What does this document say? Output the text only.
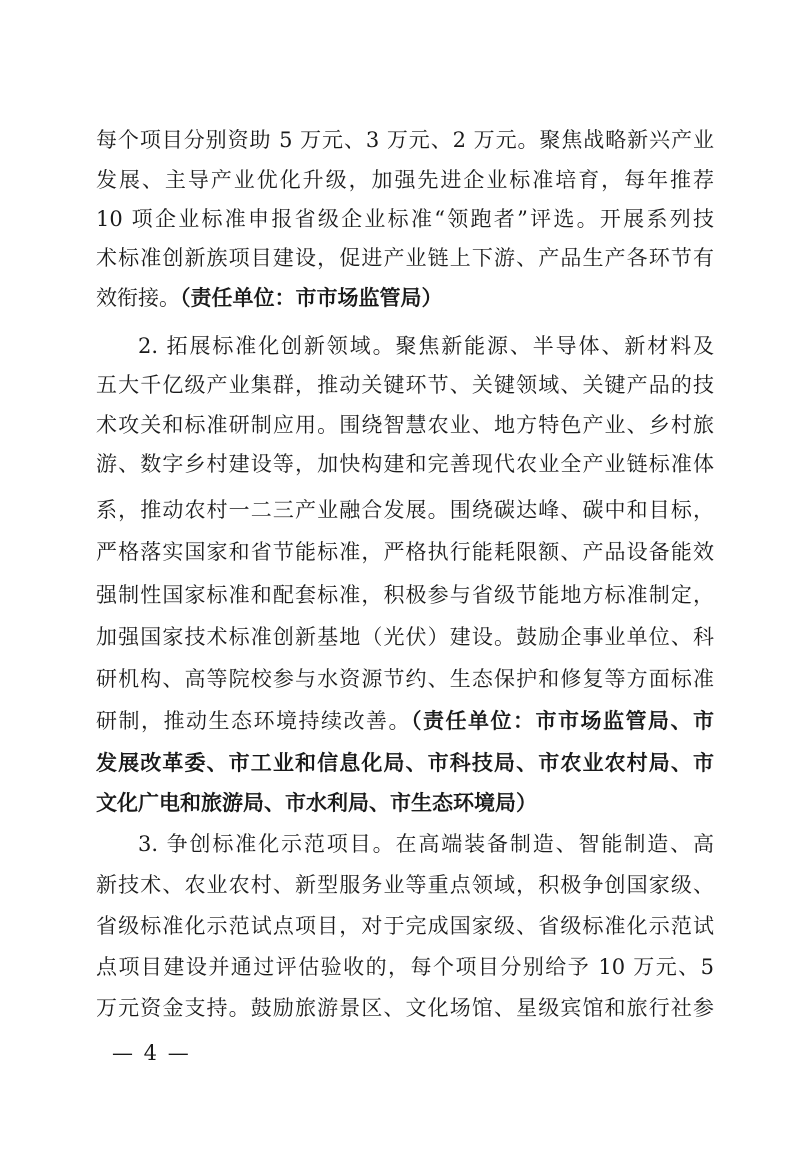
每个项目分别资助 5 万元、3 万元、2 万元。聚焦战略新兴产业
发展、主导产业优化升级，加强先进企业标准培育，每年推荐
10 项企业标准申报省级企业标准“领跑者”评选。开展系列技
术标准创新族项目建设，促进产业链上下游、产品生产各环节有
效衔接。（责任单位：市市场监管局）
2. 拓展标准化创新领域。聚焦新能源、半导体、新材料及
五大千亿级产业集群，推动关键环节、关键领域、关键产品的技
术攻关和标准研制应用。围绕智慧农业、地方特色产业、乡村旅
游、数字乡村建设等，加快构建和完善现代农业全产业链标准体
系，推动农村一二三产业融合发展。围绕碳达峰、碳中和目标，
严格落实国家和省节能标准，严格执行能耗限额、产品设备能效
强制性国家标准和配套标准，积极参与省级节能地方标准制定，
加强国家技术标准创新基地（光伏）建设。鼓励企事业单位、科
研机构、高等院校参与水资源节约、生态保护和修复等方面标准
研制，推动生态环境持续改善。（责任单位：市市场监管局、市
发展改革委、市工业和信息化局、市科技局、市农业农村局、市
文化广电和旅游局、市水利局、市生态环境局）
3. 争创标准化示范项目。在高端装备制造、智能制造、高
新技术、农业农村、新型服务业等重点领域，积极争创国家级、
省级标准化示范试点项目，对于完成国家级、省级标准化示范试
点项目建设并通过评估验收的，每个项目分别给予 10 万元、5
万元资金支持。鼓励旅游景区、文化场馆、星级宾馆和旅行社参
— 4 —
